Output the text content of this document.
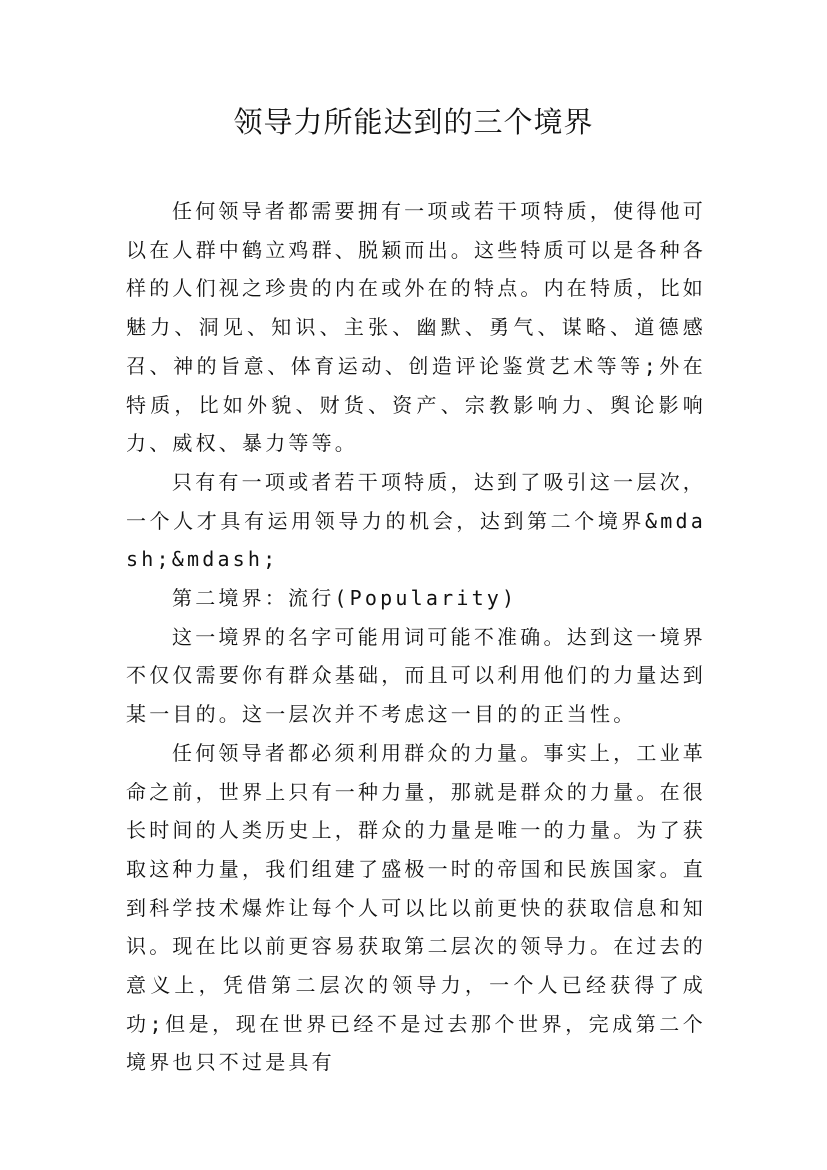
领导力所能达到的三个境界

任何领导者都需要拥有一项或若干项特质，使得他可以在人群中鹤立鸡群、脱颖而出。这些特质可以是各种各样的人们视之珍贵的内在或外在的特点。内在特质，比如魅力、洞见、知识、主张、幽默、勇气、谋略、道德感召、神的旨意、体育运动、创造评论鉴赏艺术等等;外在特质，比如外貌、财货、资产、宗教影响力、舆论影响力、威权、暴力等等。

只有有一项或者若干项特质，达到了吸引这一层次，一个人才具有运用领导力的机会，达到第二个境界&mdash;&mdash;

第二境界：流行(Popularity)

这一境界的名字可能用词可能不准确。达到这一境界不仅仅需要你有群众基础，而且可以利用他们的力量达到某一目的。这一层次并不考虑这一目的的正当性。

任何领导者都必须利用群众的力量。事实上，工业革命之前，世界上只有一种力量，那就是群众的力量。在很长时间的人类历史上，群众的力量是唯一的力量。为了获取这种力量，我们组建了盛极一时的帝国和民族国家。直到科学技术爆炸让每个人可以比以前更快的获取信息和知识。现在比以前更容易获取第二层次的领导力。在过去的意义上，凭借第二层次的领导力，一个人已经获得了成功;但是，现在世界已经不是过去那个世界，完成第二个境界也只不过是具有
